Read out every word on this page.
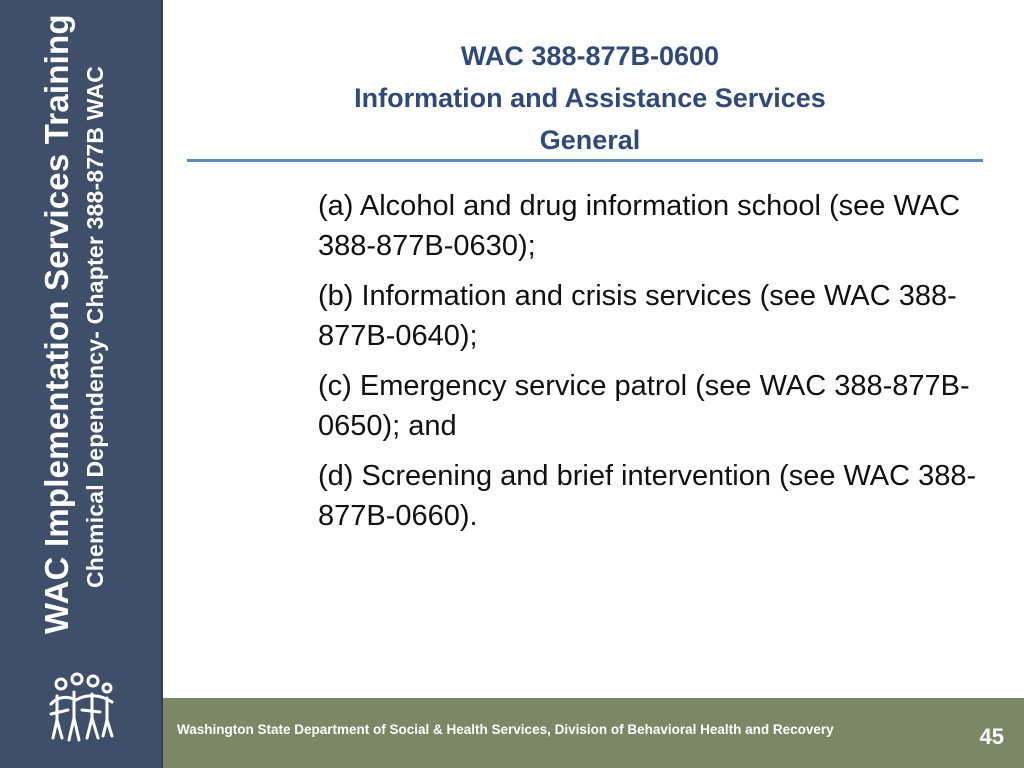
WAC Implementation Services Training Chemical Dependency- Chapter 388-877B WAC
WAC 388-877B-0600
Information and Assistance Services
General

(a) Alcohol and drug information school (see WAC 388-877B-0630);

(b) Information and crisis services (see WAC 388-877B-0640);

(c) Emergency service patrol (see WAC 388-877B-0650); and

(d) Screening and brief intervention (see WAC 388-877B-0660).

Washington State Department of Social & Health Services, Division of Behavioral Health and Recovery	45
